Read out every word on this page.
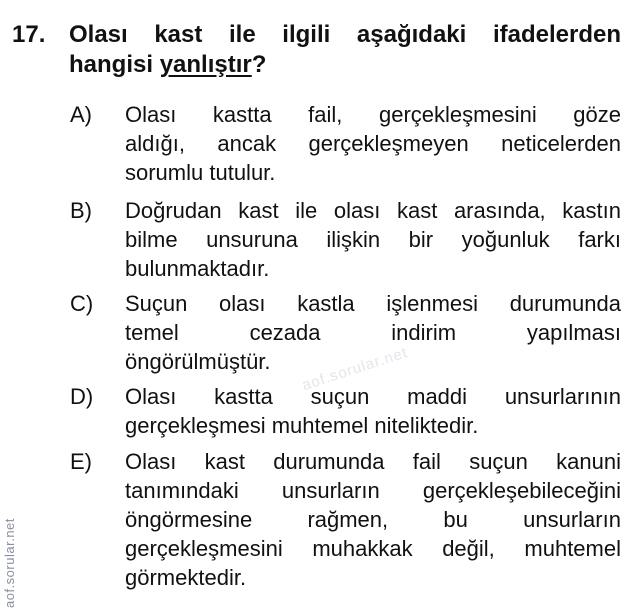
17. Olası kast ile ilgili aşağıdaki ifadelerden
hangisi yanlıştır?
A) Olası kastta fail, gerçekleşmesini göze
aldığı, ancak gerçekleşmeyen neticelerden
sorumlu tutulur.
B) Doğrudan kast ile olası kast arasında, kastın
bilme unsuruna ilişkin bir yoğunluk farkı
bulunmaktadır.
C) Suçun olası kastla işlenmesi durumunda
temel	cezada	indirim	yapılması
öngörülmüştür.
D) Olası kastta suçun maddi unsurlarının
gerçekleşmesi muhtemel niteliktedir.
E) Olası kast durumunda fail suçun kanuni
tanımındaki unsurların gerçekleşebileceğini
öngörmesine	rağmen,	bu	unsurların
gerçekleşmesini muhakkak değil, muhtemel
görmektedir.
aof.sorular.net
aof.sorular.net
